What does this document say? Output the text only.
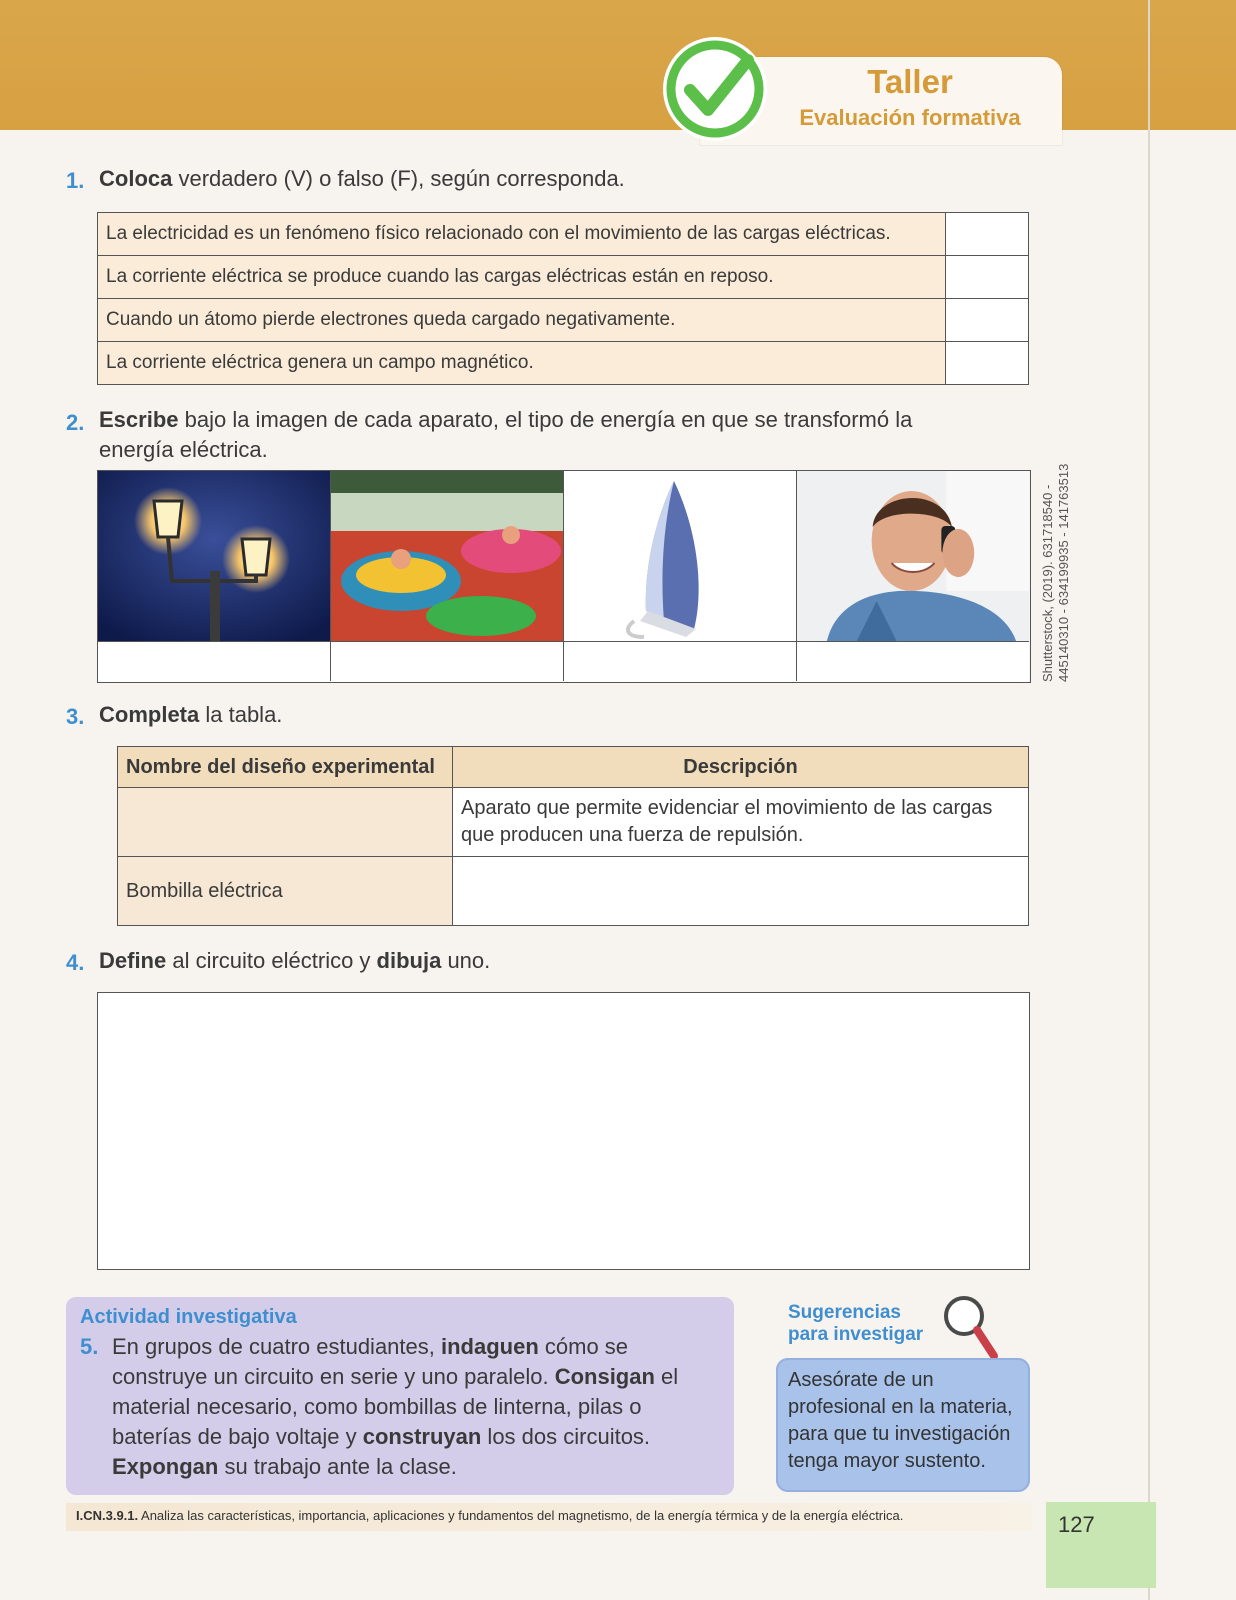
Taller
Evaluación formativa
1. Coloca verdadero (V) o falso (F), según corresponda.
La electricidad es un fenómeno físico relacionado con el movimiento de las cargas eléctricas.	
La corriente eléctrica se produce cuando las cargas eléctricas están en reposo.	
Cuando un átomo pierde electrones queda cargado negativamente.	
La corriente eléctrica genera un campo magnético.	
2. Escribe bajo la imagen de cada aparato, el tipo de energía en que se transformó la energía eléctrica.
Shutterstock, (2019). 631718540 - 445140310 - 634199935 - 141763513
3. Completa la tabla.
Nombre del diseño experimental	Descripción
	Aparato que permite evidenciar el movimiento de las cargas que producen una fuerza de repulsión.
Bombilla eléctrica	
4. Define al circuito eléctrico y dibuja uno.
Actividad investigativa
5. En grupos de cuatro estudiantes, indaguen cómo se construye un circuito en serie y uno paralelo. Consigan el material necesario, como bombillas de linterna, pilas o baterías de bajo voltaje y construyan los dos circuitos. Expongan su trabajo ante la clase.
Sugerencias
para investigar
Asesórate de un profesional en la materia, para que tu investigación tenga mayor sustento.
I.CN.3.9.1. Analiza las características, importancia, aplicaciones y fundamentos del magnetismo, de la energía térmica y de la energía eléctrica.	127
